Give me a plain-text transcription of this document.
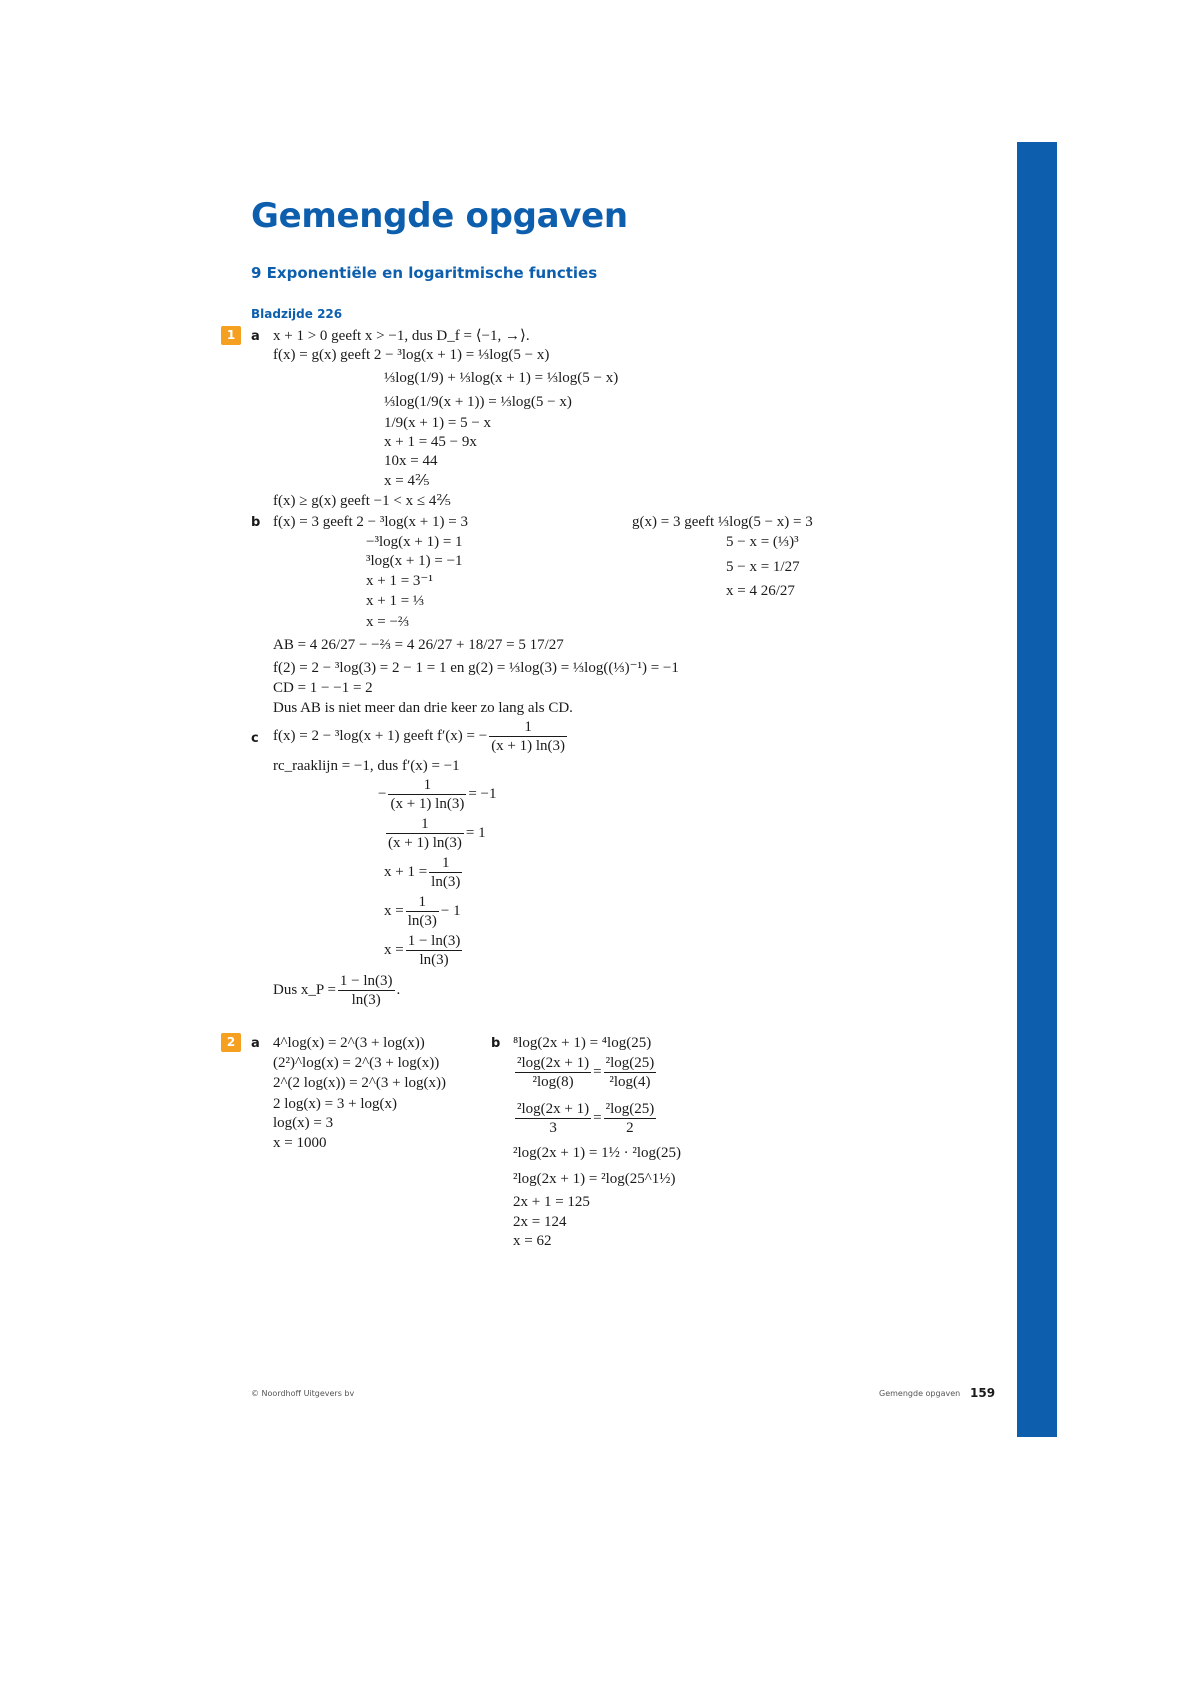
Gemengde opgaven
9 Exponentiële en logaritmische functies
Bladzijde 226
1	a x + 1 > 0 geeft x > −1, dus D_f = ⟨−1, →⟩.
f(x) = g(x) geeft 2 − ³log(x + 1) = ⅓log(5 − x)
⅓log(1/9) + ⅓log(x + 1) = ⅓log(5 − x)
⅓log(1/9(x + 1)) = ⅓log(5 − x)
1/9(x + 1) = 5 − x
x + 1 = 45 − 9x
10x = 44
x = 4⅖
f(x) ≥ g(x) geeft −1 < x ≤ 4⅖
b f(x) = 3 geeft 2 − ³log(x + 1) = 3
−³log(x + 1) = 1
³log(x + 1) = −1
x + 1 = 3⁻¹
x + 1 = ⅓
x = −⅔
g(x) = 3 geeft ⅓log(5 − x) = 3
5 − x = (⅓)³
5 − x = 1/27
x = 4 26/27
AB = 4 26/27 − −⅔ = 4 26/27 + 18/27 = 5 17/27
f(2) = 2 − ³log(3) = 2 − 1 = 1 en g(2) = ⅓log(3) = ⅓log((⅓)⁻¹) = −1
CD = 1 − −1 = 2
Dus AB is niet meer dan drie keer zo lang als CD.
c f(x) = 2 − ³log(x + 1) geeft f′(x) = − $\frac{1}{(x + 1) \ln(3)}$
rc_raaklijn = −1, dus f′(x) = −1
− $\frac{1}{(x + 1) \ln(3)} = -1$
$\frac{1}{(x + 1) \ln(3)} = 1$
$x + 1 = \frac{1}{\ln(3)}$
$x = \frac{1}{\ln(3)} - 1$
$x = \frac{1 - \ln(3)}{\ln(3)}$
Dus x_P = $\frac{1 - \ln(3)}{\ln(3)}$ .
2	a 4^log(x) = 2^(3 + log(x))
(2²)^log(x) = 2^(3 + log(x))
2^(2 log(x)) = 2^(3 + log(x))
2 log(x) = 3 + log(x)
log(x) = 3
x = 1000
b ⁸log(2x + 1) = ⁴log(25)
$\frac{\text{²log(2x + 1)}}{\text{²log(8)}} = \frac{\text{²log(25)}}{\text{²log(4)}}$
$\frac{\text{²log(2x + 1)}}{3} = \frac{\text{²log(25)}}{2}$
²log(2x + 1) = 1½ · ²log(25)
²log(2x + 1) = ²log(25^1½)
2x + 1 = 125
2x = 124
x = 62
© Noordhoff Uitgevers bv	Gemengde opgaven 159
